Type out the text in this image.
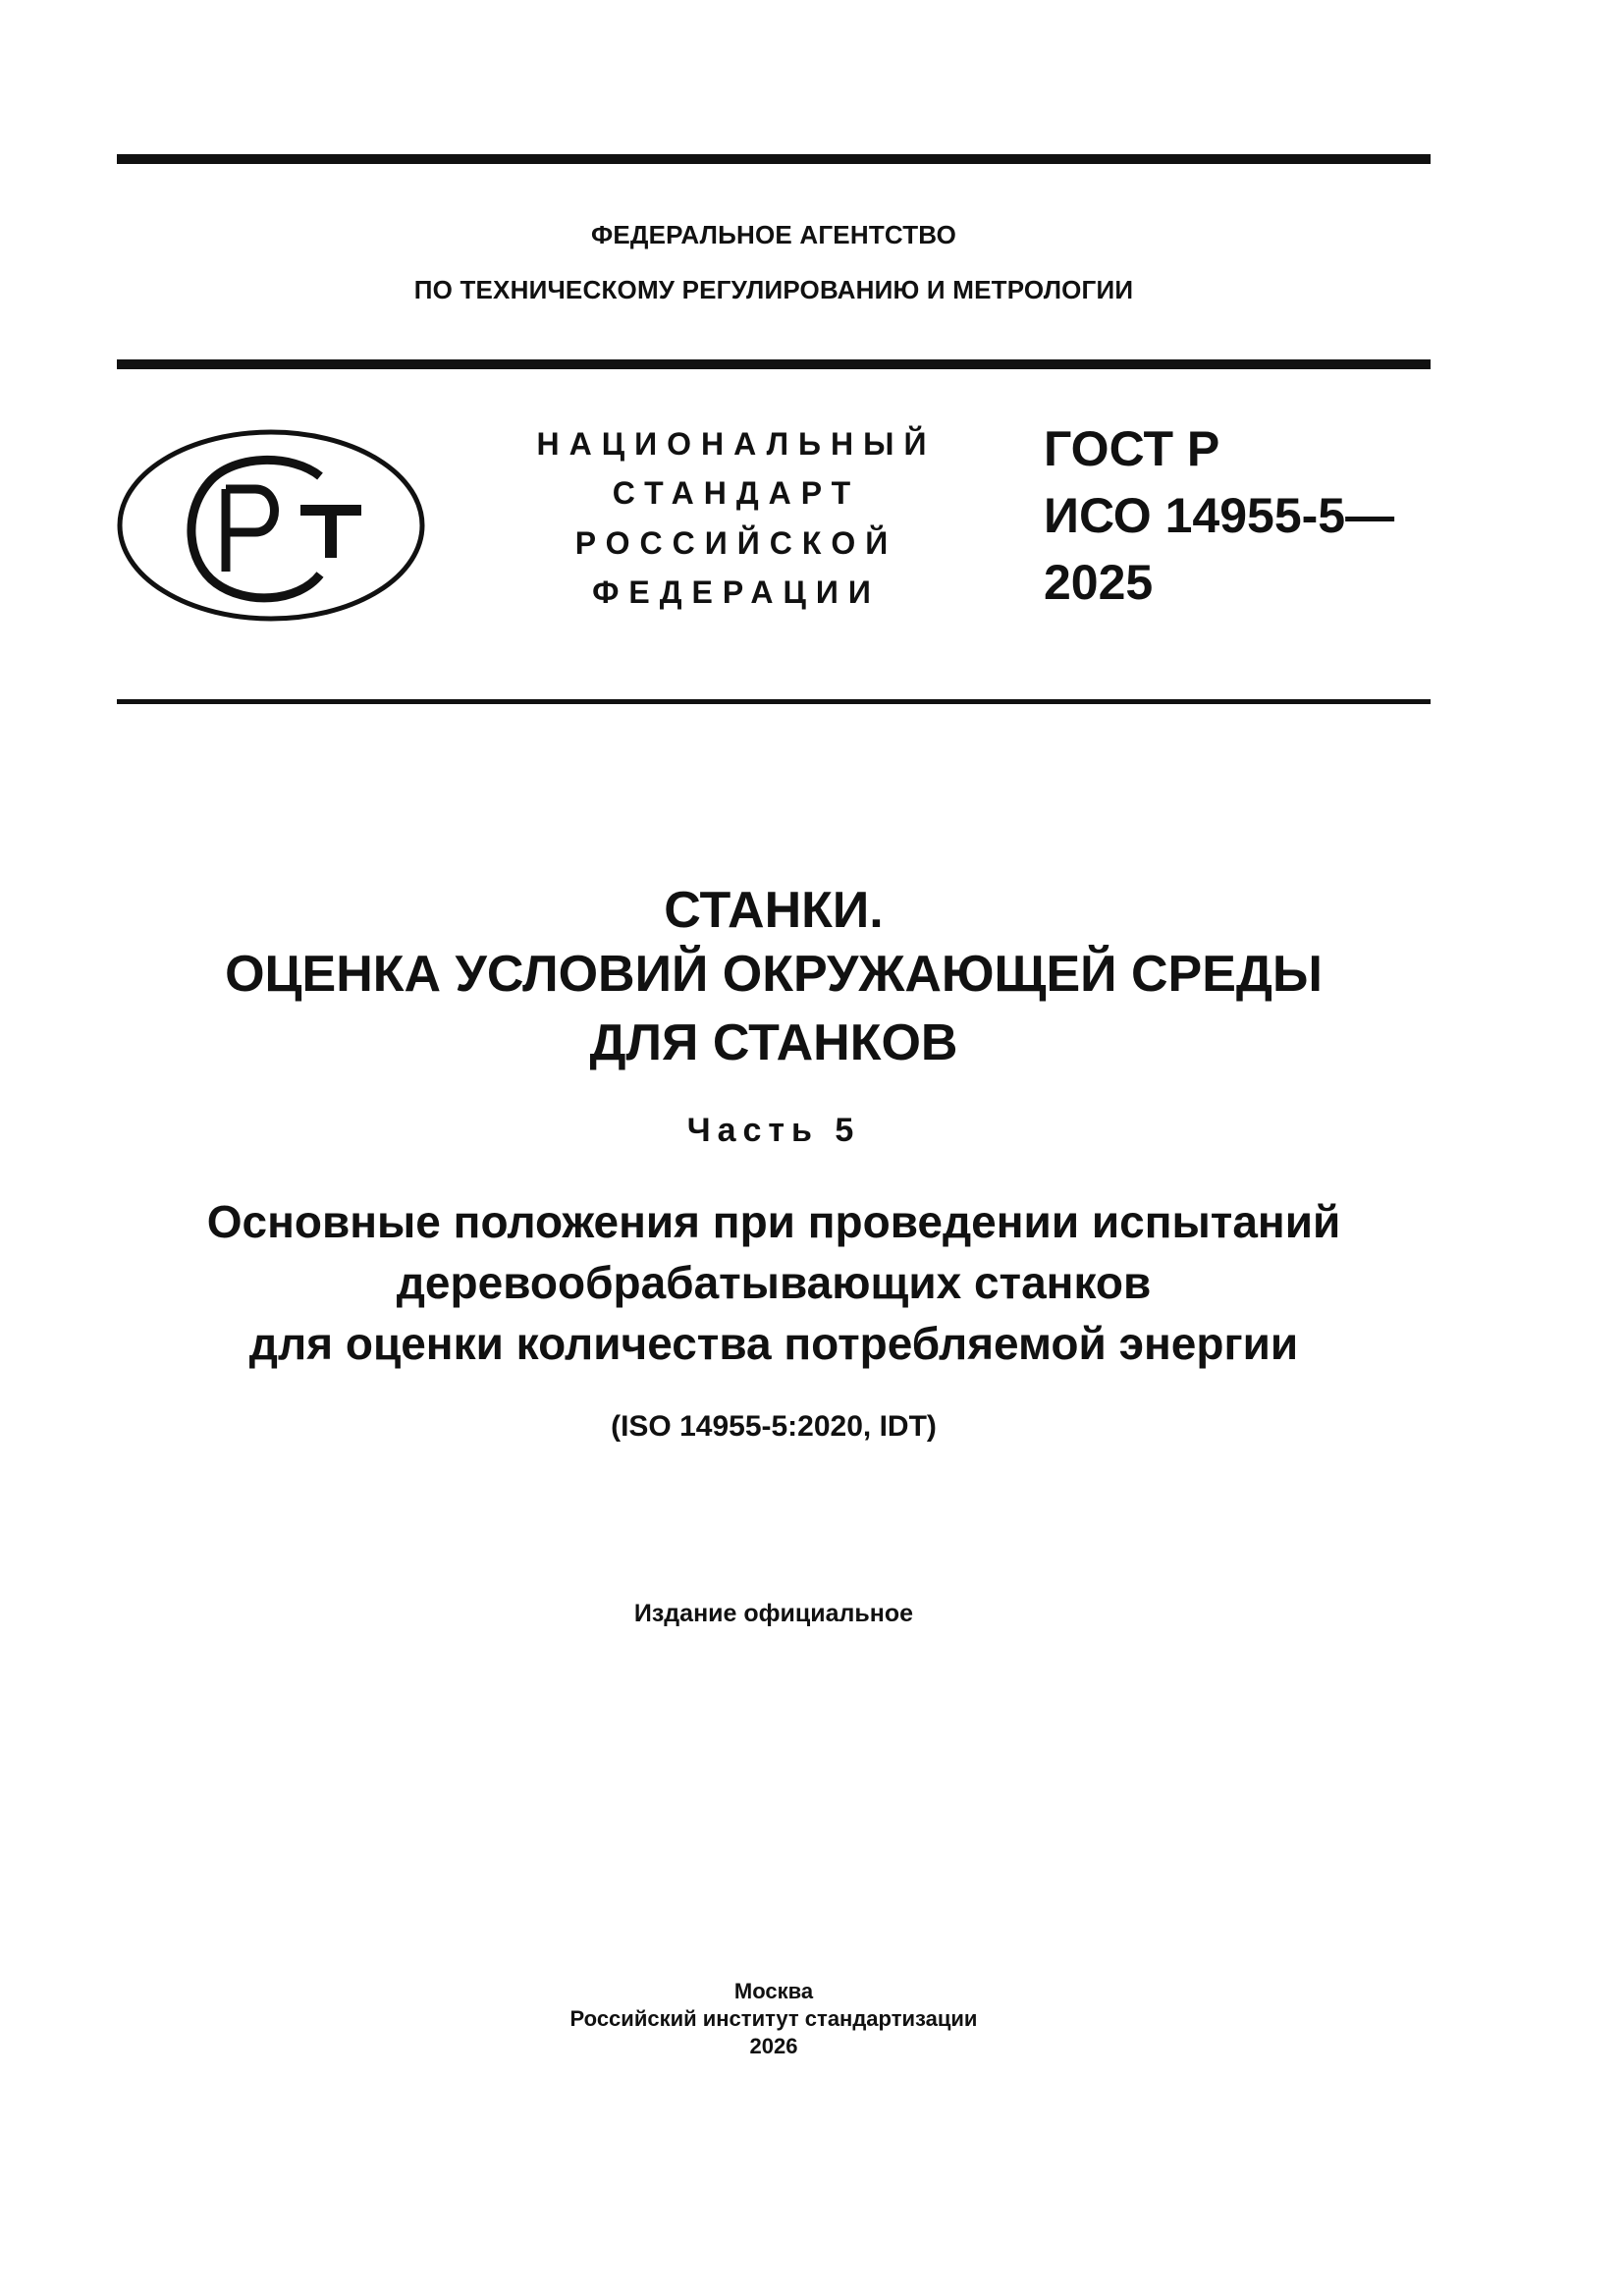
ФЕДЕРАЛЬНОЕ АГЕНТСТВО
ПО ТЕХНИЧЕСКОМУ РЕГУЛИРОВАНИЮ И МЕТРОЛОГИИ
НАЦИОНАЛЬНЫЙ
СТАНДАРТ
РОССИЙСКОЙ
ФЕДЕРАЦИИ
ГОСТ Р
ИСО 14955-5—
2025
СТАНКИ.
ОЦЕНКА УСЛОВИЙ ОКРУЖАЮЩЕЙ СРЕДЫ
ДЛЯ СТАНКОВ
Часть 5
Основные положения при проведении испытаний
деревообрабатывающих станков
для оценки количества потребляемой энергии
(ISO 14955-5:2020, IDT)
Издание официальное
Москва
Российский институт стандартизации
2026
